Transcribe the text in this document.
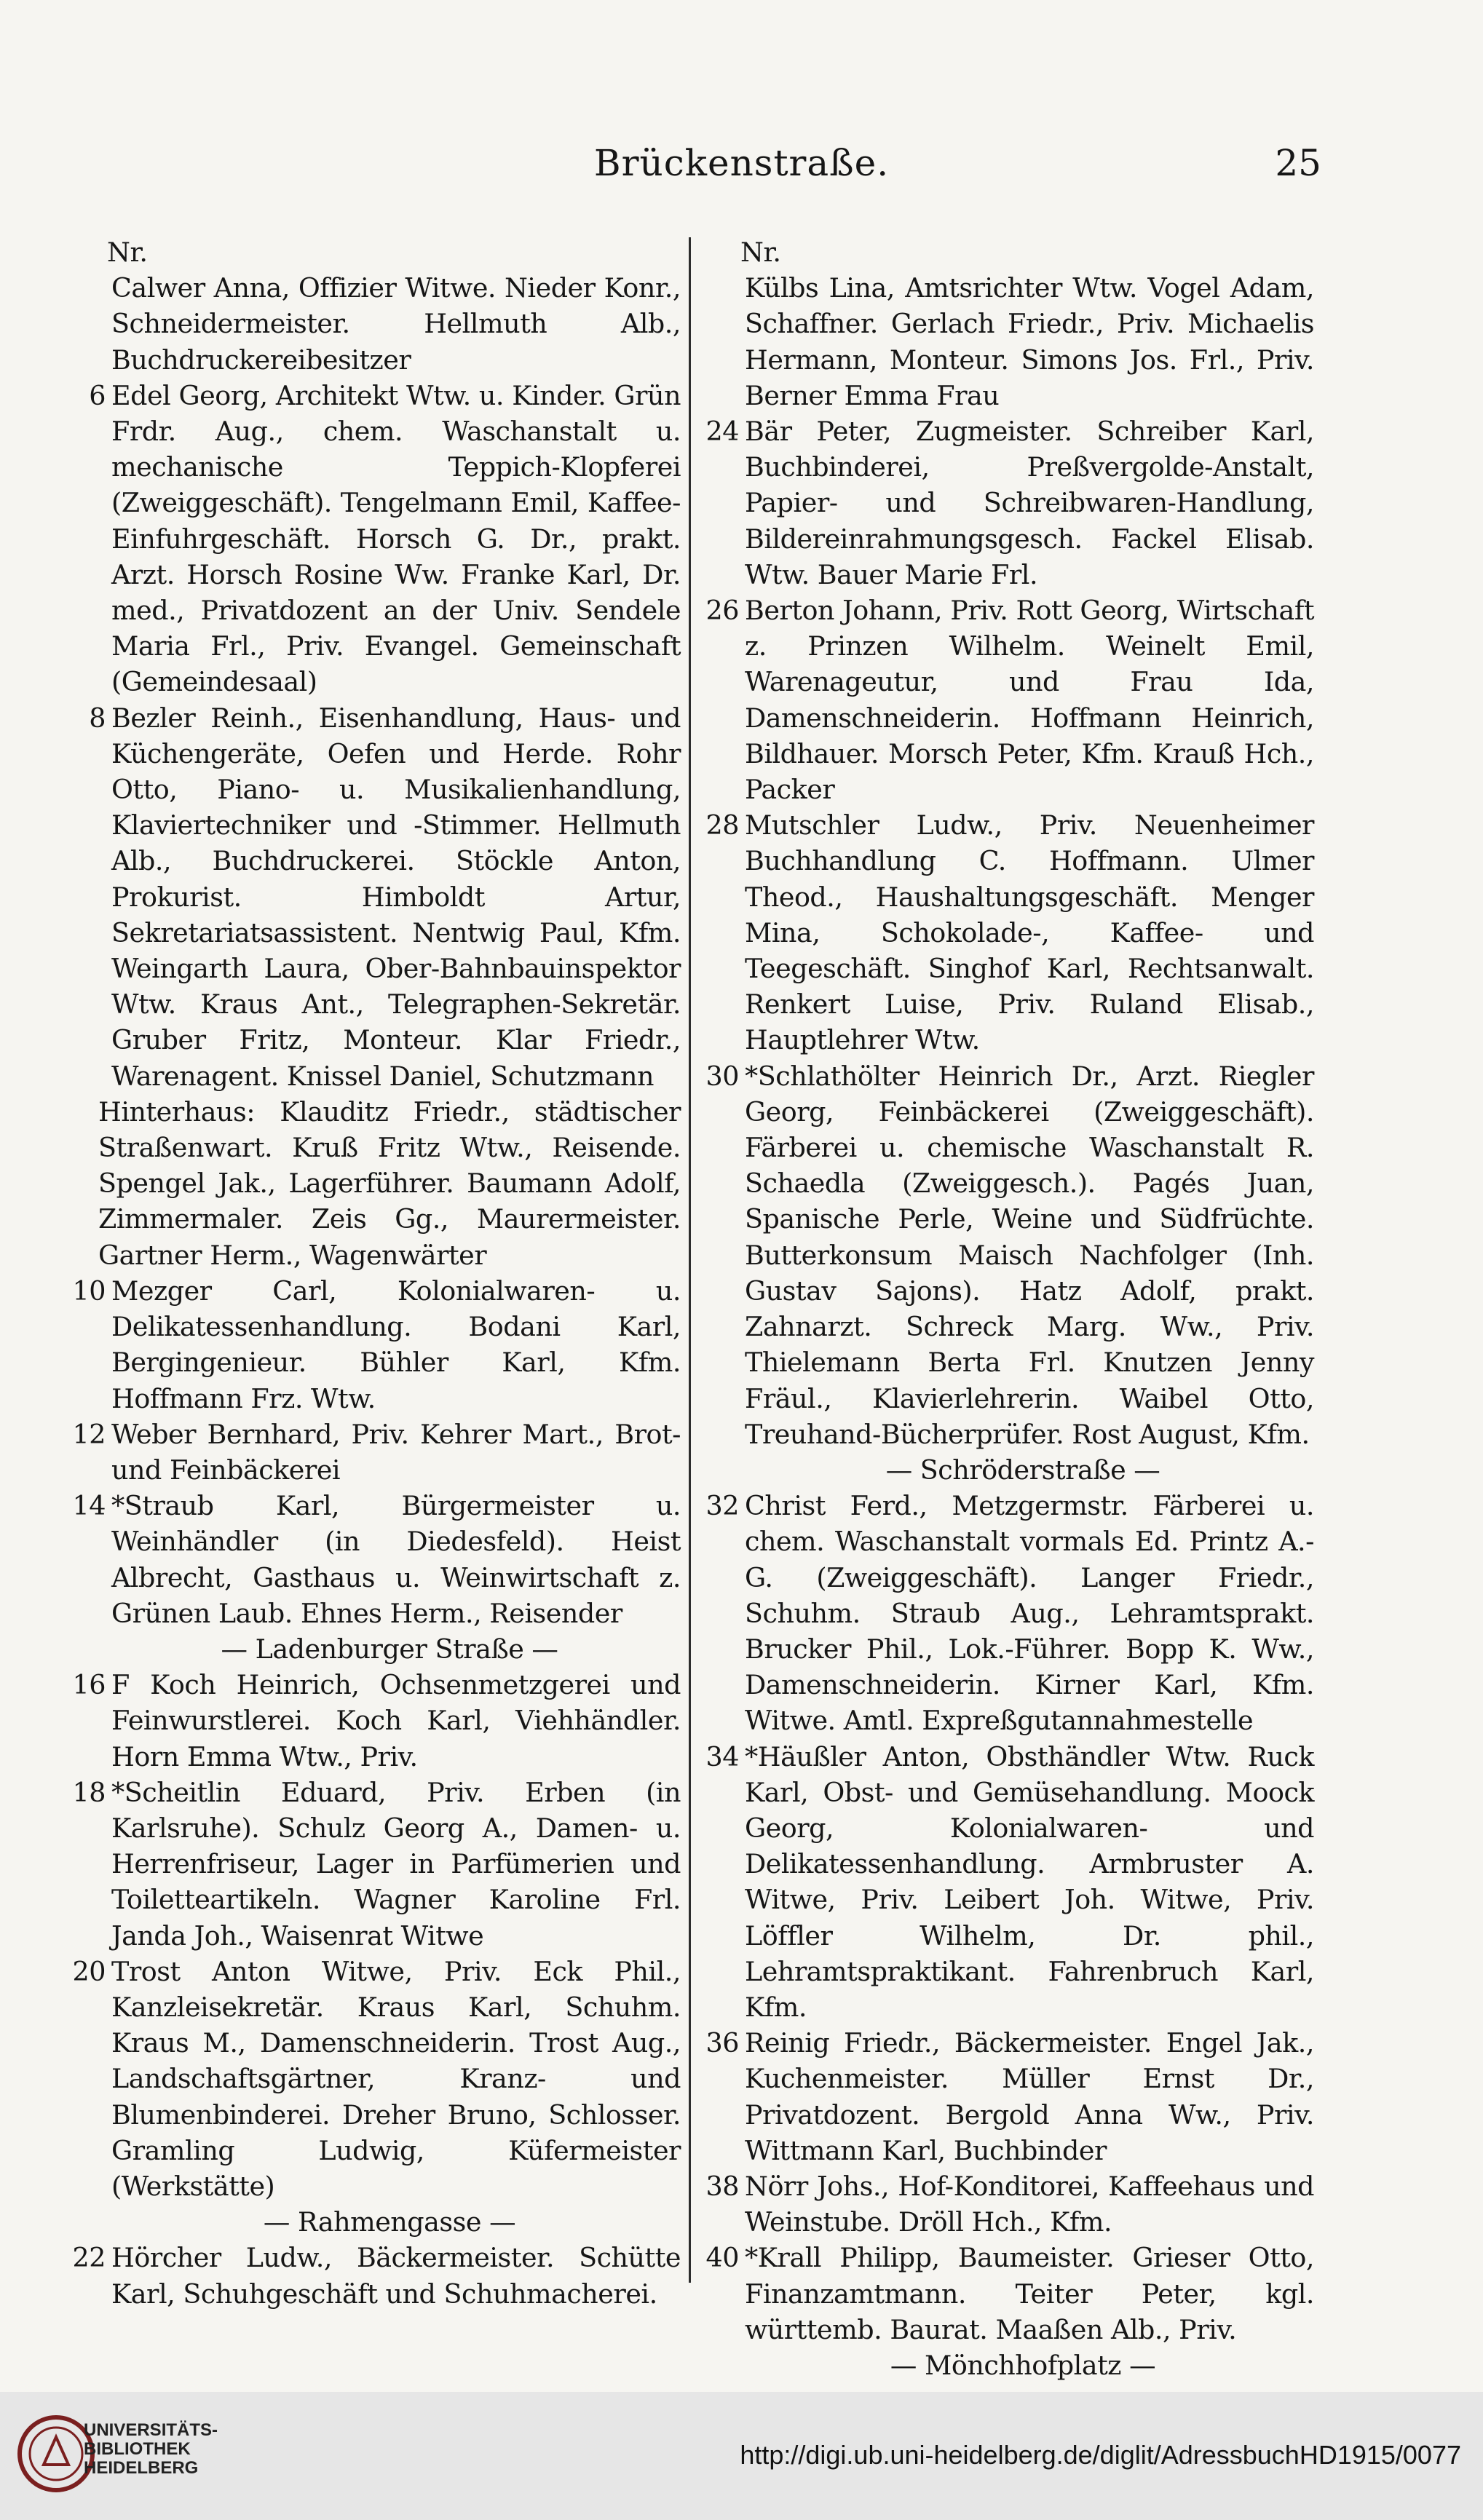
Brückenstraße.	25
Nr.
Calwer Anna, Offizier Witwe. Nieder Konr., Schneidermeister. Hellmuth Alb., Buchdruckereibesitzer
6 Edel Georg, Architekt Wtw. u. Kinder. Grün Frdr. Aug., chem. Waschanstalt u. mechanische Teppich-Klopferei (Zweiggeschäft). Tengelmann Emil, Kaffee-Einfuhrgeschäft. Horsch G. Dr., prakt. Arzt. Horsch Rosine Ww. Franke Karl, Dr. med., Privatdozent an der Univ. Sendele Maria Frl., Priv. Evangel. Gemeinschaft (Gemeindesaal)
8 Bezler Reinh., Eisenhandlung, Haus- und Küchengeräte, Oefen und Herde. Rohr Otto, Piano- u. Musikalienhandlung, Klaviertechniker und -Stimmer. Hellmuth Alb., Buchdruckerei. Stöckle Anton, Prokurist. Himboldt Artur, Sekretariatsassistent. Nentwig Paul, Kfm. Weingarth Laura, Ober-Bahnbauinspektor Wtw. Kraus Ant., Telegraphen-Sekretär. Gruber Fritz, Monteur. Klar Friedr., Warenagent. Knissel Daniel, Schutzmann
Hinterhaus: Klauditz Friedr., städtischer Straßenwart. Kruß Fritz Wtw., Reisende. Spengel Jak., Lagerführer. Baumann Adolf, Zimmermaler. Zeis Gg., Maurermeister. Gartner Herm., Wagenwärter
10 Mezger Carl, Kolonialwaren- u. Delikatessenhandlung. Bodani Karl, Bergingenieur. Bühler Karl, Kfm. Hoffmann Frz. Wtw.
12 Weber Bernhard, Priv. Kehrer Mart., Brot- und Feinbäckerei
14 *Straub Karl, Bürgermeister u. Weinhändler (in Diedesfeld). Heist Albrecht, Gasthaus u. Weinwirtschaft z. Grünen Laub. Ehnes Herm., Reisender
— Ladenburger Straße —
16 F Koch Heinrich, Ochsenmetzgerei und Feinwurstlerei. Koch Karl, Viehhändler. Horn Emma Wtw., Priv.
18 *Scheitlin Eduard, Priv. Erben (in Karlsruhe). Schulz Georg A., Damen- u. Herrenfriseur, Lager in Parfümerien und Toiletteartikeln. Wagner Karoline Frl. Janda Joh., Waisenrat Witwe
20 Trost Anton Witwe, Priv. Eck Phil., Kanzleisekretär. Kraus Karl, Schuhm. Kraus M., Damenschneiderin. Trost Aug., Landschaftsgärtner, Kranz- und Blumenbinderei. Dreher Bruno, Schlosser. Gramling Ludwig, Küfermeister (Werkstätte)
— Rahmengasse —
22 Hörcher Ludw., Bäckermeister. Schütte Karl, Schuhgeschäft und Schuhmacherei.
Nr.
Külbs Lina, Amtsrichter Wtw. Vogel Adam, Schaffner. Gerlach Friedr., Priv. Michaelis Hermann, Monteur. Simons Jos. Frl., Priv. Berner Emma Frau
24 Bär Peter, Zugmeister. Schreiber Karl, Buchbinderei, Preßvergolde-Anstalt, Papier- und Schreibwaren-Handlung, Bildereinrahmungsgesch. Fackel Elisab. Wtw. Bauer Marie Frl.
26 Berton Johann, Priv. Rott Georg, Wirtschaft z. Prinzen Wilhelm. Weinelt Emil, Warenageutur, und Frau Ida, Damenschneiderin. Hoffmann Heinrich, Bildhauer. Morsch Peter, Kfm. Krauß Hch., Packer
28 Mutschler Ludw., Priv. Neuenheimer Buchhandlung C. Hoffmann. Ulmer Theod., Haushaltungsgeschäft. Menger Mina, Schokolade-, Kaffee- und Teegeschäft. Singhof Karl, Rechtsanwalt. Renkert Luise, Priv. Ruland Elisab., Hauptlehrer Wtw.
30 *Schlathölter Heinrich Dr., Arzt. Riegler Georg, Feinbäckerei (Zweiggeschäft). Färberei u. chemische Waschanstalt R. Schaedla (Zweiggesch.). Pagés Juan, Spanische Perle, Weine und Südfrüchte. Butterkonsum Maisch Nachfolger (Inh. Gustav Sajons). Hatz Adolf, prakt. Zahnarzt. Schreck Marg. Ww., Priv. Thielemann Berta Frl. Knutzen Jenny Fräul., Klavierlehrerin. Waibel Otto, Treuhand-Bücherprüfer. Rost August, Kfm.
— Schröderstraße —
32 Christ Ferd., Metzgermstr. Färberei u. chem. Waschanstalt vormals Ed. Printz A.-G. (Zweiggeschäft). Langer Friedr., Schuhm. Straub Aug., Lehramtsprakt. Brucker Phil., Lok.-Führer. Bopp K. Ww., Damenschneiderin. Kirner Karl, Kfm. Witwe. Amtl. Expreßgutannahmestelle
34 *Häußler Anton, Obsthändler Wtw. Ruck Karl, Obst- und Gemüsehandlung. Moock Georg, Kolonialwaren- und Delikatessenhandlung. Armbruster A. Witwe, Priv. Leibert Joh. Witwe, Priv. Löffler Wilhelm, Dr. phil., Lehramtspraktikant. Fahrenbruch Karl, Kfm.
36 Reinig Friedr., Bäckermeister. Engel Jak., Kuchenmeister. Müller Ernst Dr., Privatdozent. Bergold Anna Ww., Priv. Wittmann Karl, Buchbinder
38 Nörr Johs., Hof-Konditorei, Kaffeehaus und Weinstube. Dröll Hch., Kfm.
40 *Krall Philipp, Baumeister. Grieser Otto, Finanzamtmann. Teiter Peter, kgl. württemb. Baurat. Maaßen Alb., Priv.
— Mönchhofplatz —
UNIVERSITÄTS-
BIBLIOTHEK
HEIDELBERG	http://digi.ub.uni-heidelberg.de/diglit/AdressbuchHD1915/0077
